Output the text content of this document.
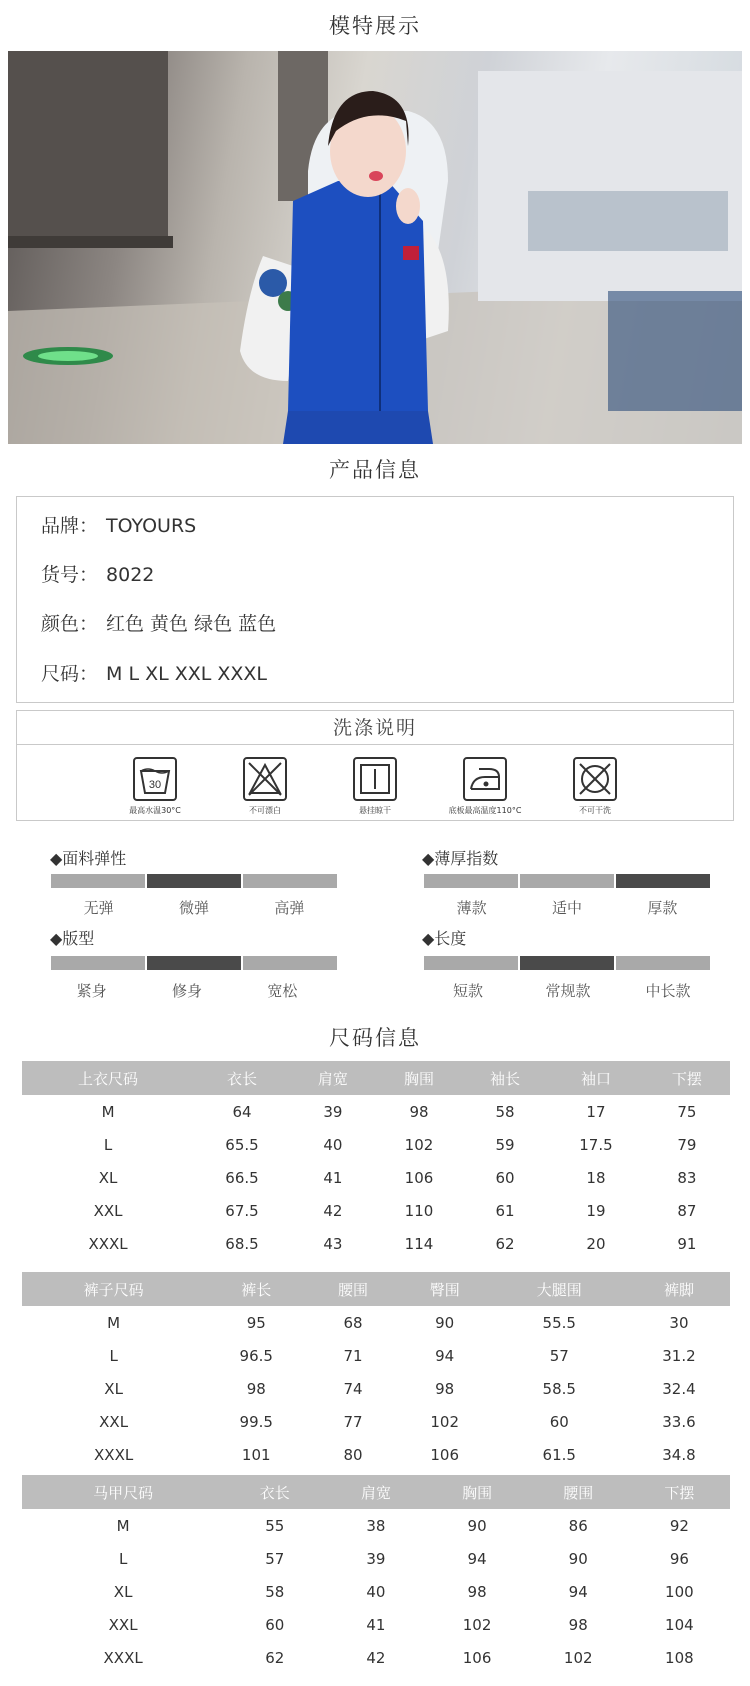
模特展示
产品信息
品牌： TOYOURS
货号： 8022
颜色： 红色 黄色 绿色 蓝色
尺码： M L XL XXL XXXL
洗涤说明
30
最高水温30°C	不可漂白	悬挂晾干	底板最高温度110°C	不可干洗
◆面料弹性
无弹	微弹	高弹
◆薄厚指数
薄款	适中	厚款
◆版型
紧身	修身	宽松
◆长度
短款	常规款	中长款
尺码信息
上衣尺码	衣长	肩宽	胸围	袖长	袖口	下摆
M	64	39	98	58	17	75
L	65.5	40	102	59	17.5	79
XL	66.5	41	106	60	18	83
XXL	67.5	42	110	61	19	87
XXXL	68.5	43	114	62	20	91
裤子尺码	裤长	腰围	臀围	大腿围	裤脚	
M	95	68	90	55.5	30	
L	96.5	71	94	57	31.2	
XL	98	74	98	58.5	32.4	
XXL	99.5	77	102	60	33.6	
XXXL	101	80	106	61.5	34.8	
马甲尺码	衣长	肩宽	胸围	腰围	下摆	
M	55	38	90	86	92	
L	57	39	94	90	96	
XL	58	40	98	94	100	
XXL	60	41	102	98	104	
XXXL	62	42	106	102	108	
